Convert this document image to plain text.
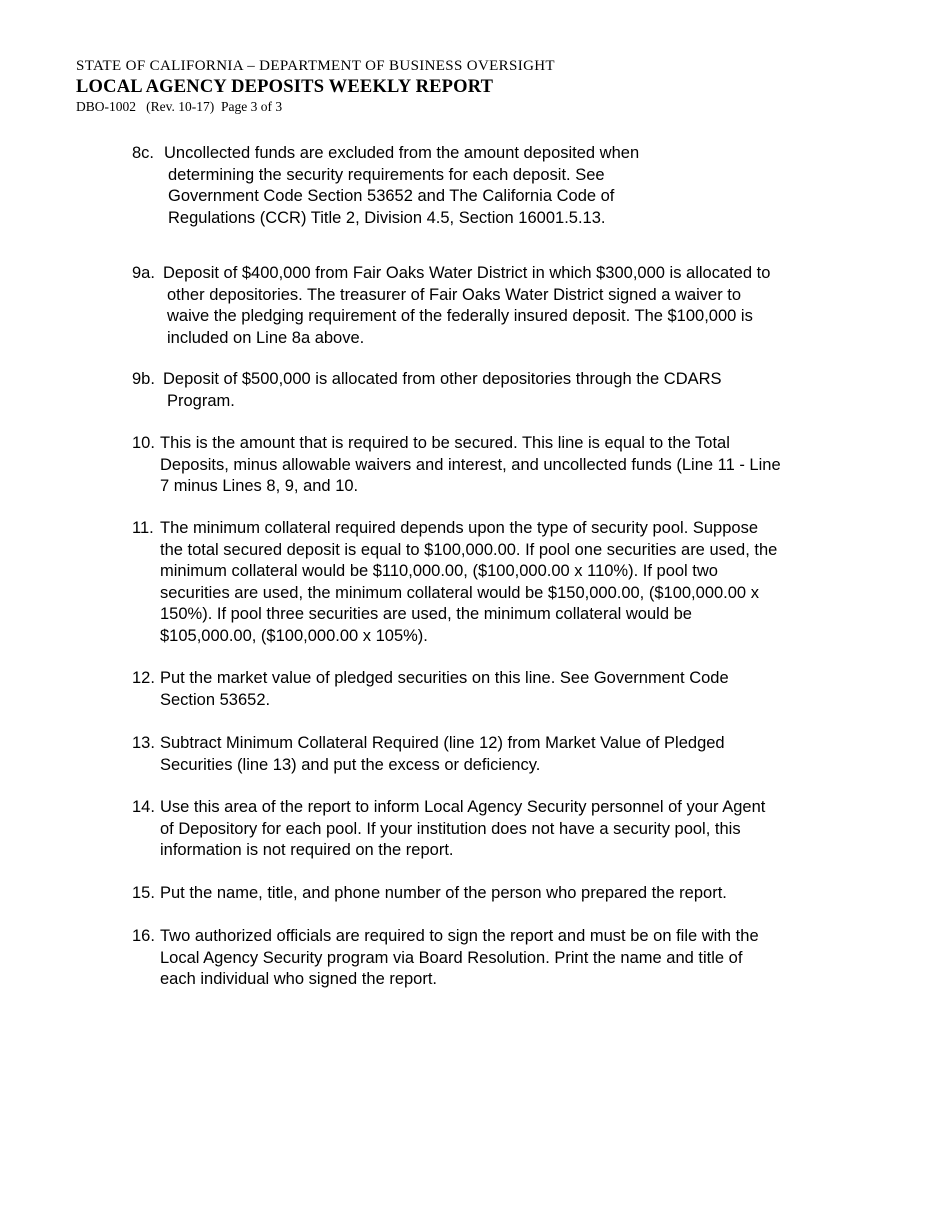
STATE OF CALIFORNIA – DEPARTMENT OF BUSINESS OVERSIGHT
LOCAL AGENCY DEPOSITS WEEKLY REPORT
DBO-1002 (Rev. 10-17) Page 3 of 3
8c. Uncollected funds are excluded from the amount deposited when
determining the security requirements for each deposit. See
Government Code Section 53652 and The California Code of
Regulations (CCR) Title 2, Division 4.5, Section 16001.5.13.
9a. Deposit of $400,000 from Fair Oaks Water District in which $300,000 is allocated to
other depositories. The treasurer of Fair Oaks Water District signed a waiver to
waive the pledging requirement of the federally insured deposit. The $100,000 is
included on Line 8a above.
9b. Deposit of $500,000 is allocated from other depositories through the CDARS
Program.
10. This is the amount that is required to be secured. This line is equal to the Total
Deposits, minus allowable waivers and interest, and uncollected funds (Line 11 - Line
7 minus Lines 8, 9, and 10.
11. The minimum collateral required depends upon the type of security pool. Suppose
the total secured deposit is equal to $100,000.00. If pool one securities are used, the
minimum collateral would be $110,000.00, ($100,000.00 x 110%). If pool two
securities are used, the minimum collateral would be $150,000.00, ($100,000.00 x
150%). If pool three securities are used, the minimum collateral would be
$105,000.00, ($100,000.00 x 105%).
12. Put the market value of pledged securities on this line. See Government Code
Section 53652.
13. Subtract Minimum Collateral Required (line 12) from Market Value of Pledged
Securities (line 13) and put the excess or deficiency.
14. Use this area of the report to inform Local Agency Security personnel of your Agent
of Depository for each pool. If your institution does not have a security pool, this
information is not required on the report.
15. Put the name, title, and phone number of the person who prepared the report.
16. Two authorized officials are required to sign the report and must be on file with the
Local Agency Security program via Board Resolution. Print the name and title of
each individual who signed the report.
